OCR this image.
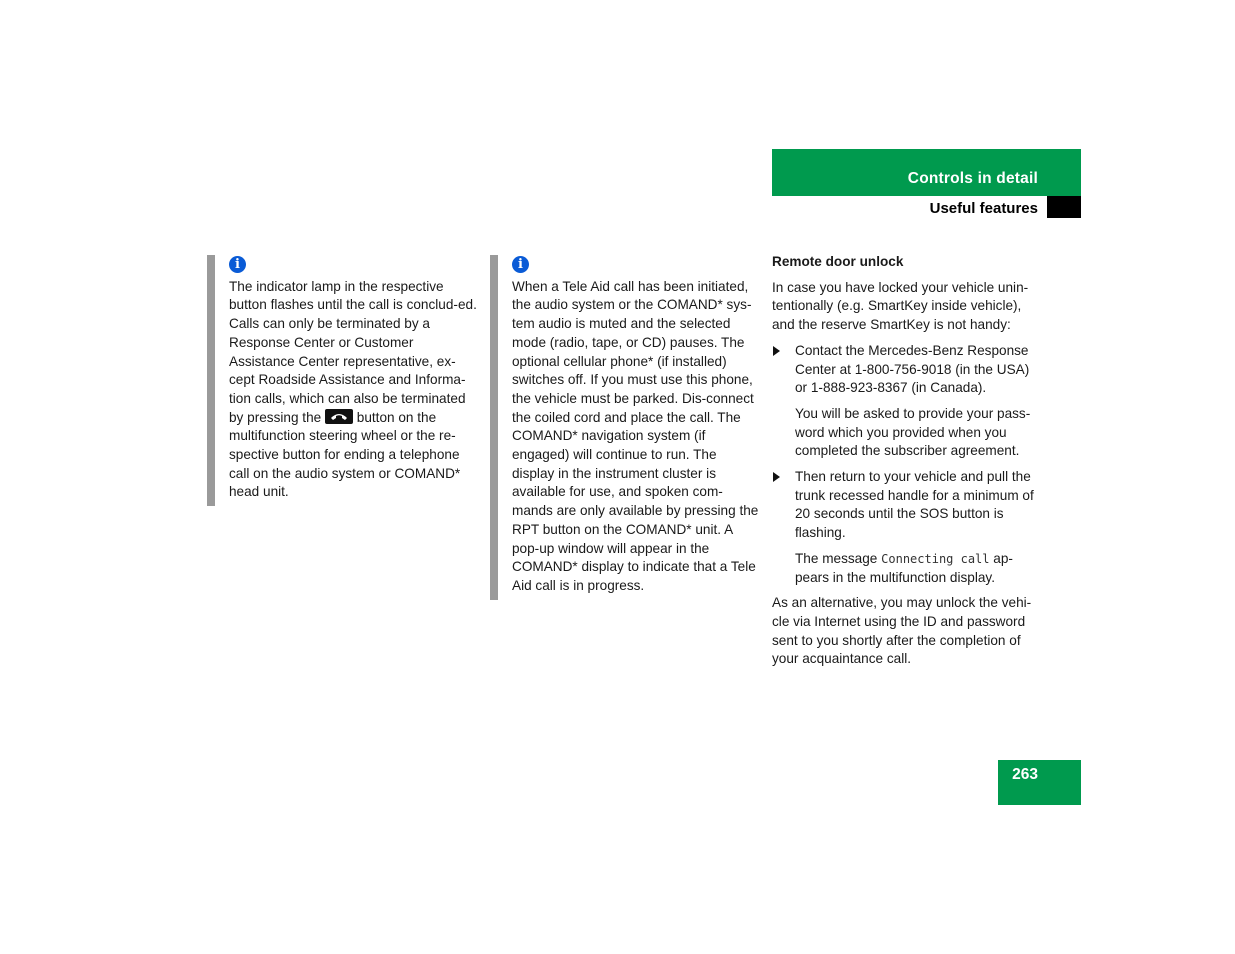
Controls in detail
Useful features
i
The indicator lamp in the respective button flashes until the call is conclud-ed. Calls can only be terminated by a Response Center or Customer Assistance Center representative, ex-cept Roadside Assistance and Informa-tion calls, which can also be terminated by pressing the	button on the multifunction steering wheel or the re-spective button for ending a telephone call on the audio system or COMAND* head unit.
i
When a Tele Aid call has been initiated, the audio system or the COMAND* sys-tem audio is muted and the selected mode (radio, tape, or CD) pauses. The optional cellular phone* (if installed) switches off. If you must use this phone, the vehicle must be parked. Dis-connect the coiled cord and place the call. The COMAND* navigation system (if engaged) will continue to run. The display in the instrument cluster is available for use, and spoken com-mands are only available by pressing the RPT button on the COMAND* unit. A pop-up window will appear in the COMAND* display to indicate that a Tele Aid call is in progress.
Remote door unlock
In case you have locked your vehicle unin-tentionally (e.g. SmartKey inside vehicle), and the reserve SmartKey is not handy:
Contact the Mercedes-Benz Response Center at 1-800-756-9018 (in the USA) or 1-888-923-8367 (in Canada).
You will be asked to provide your pass-word which you provided when you completed the subscriber agreement.
Then return to your vehicle and pull the trunk recessed handle for a minimum of 20 seconds until the SOS button is flashing.
The message Connecting call ap-pears in the multifunction display.
As an alternative, you may unlock the vehi-cle via Internet using the ID and password sent to you shortly after the completion of your acquaintance call.
263
